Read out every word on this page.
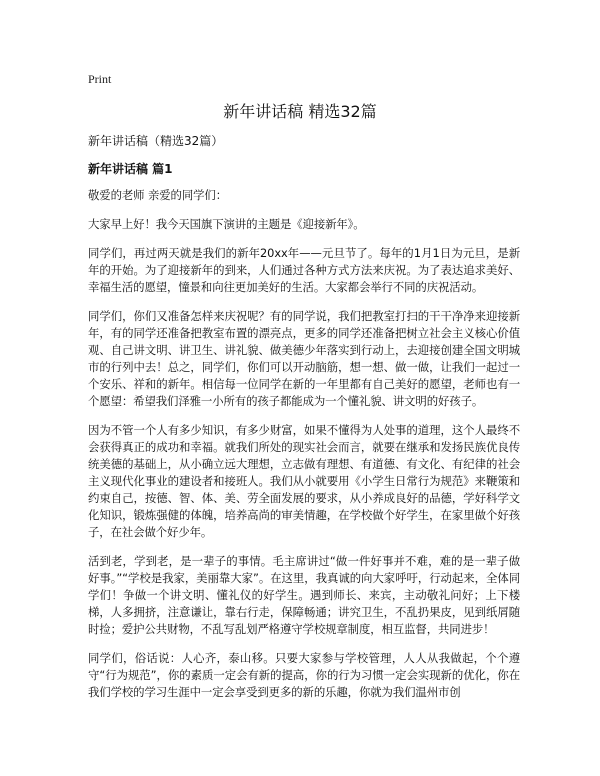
Print
新年讲话稿 精选32篇

新年讲话稿（精选32篇）

新年讲话稿 篇1

敬爱的老师 亲爱的同学们：

大家早上好！我今天国旗下演讲的主题是《迎接新年》。

同学们，再过两天就是我们的新年20xx年——元旦节了。每年的1月1日为元旦，是新年的开始。为了迎接新年的到来，人们通过各种方式方法来庆祝。为了表达追求美好、幸福生活的愿望，憧景和向往更加美好的生活。大家都会举行不同的庆祝活动。

同学们，你们又准备怎样来庆祝呢？有的同学说，我们把教室打扫的干干净净来迎接新年，有的同学还准备把教室布置的漂亮点，更多的同学还准备把树立社会主义核心价值观、自己讲文明、讲卫生、讲礼貌、做美德少年落实到行动上，去迎接创建全国文明城市的行列中去！总之，同学们，你们可以开动脑筋，想一想、做一做，让我们一起过一个安乐、祥和的新年。相信每一位同学在新的一年里都有自己美好的愿望，老师也有一个愿望：希望我们泽雅一小所有的孩子都能成为一个懂礼貌、讲文明的好孩子。

因为不管一个人有多少知识，有多少财富，如果不懂得为人处事的道理，这个人最终不会获得真正的成功和幸福。就我们所处的现实社会而言，就要在继承和发扬民族优良传统美德的基础上，从小确立远大理想，立志做有理想、有道德、有文化、有纪律的社会主义现代化事业的建设者和接班人。我们从小就要用《小学生日常行为规范》来鞭策和约束自己，按德、智、体、美、劳全面发展的要求，从小养成良好的品德，学好科学文化知识，锻炼强健的体魄，培养高尚的审美情趣，在学校做个好学生，在家里做个好孩子，在社会做个好少年。

活到老，学到老，是一辈子的事情。毛主席讲过“做一件好事并不难，难的是一辈子做好事。”“学校是我家，美丽靠大家”。在这里，我真诚的向大家呼吁，行动起来，全体同学们！争做一个讲文明、懂礼仪的好学生。遇到师长、来宾，主动敬礼问好；上下楼梯，人多拥挤，注意谦让，靠右行走，保障畅通；讲究卫生，不乱扔果皮，见到纸屑随时捡；爱护公共财物，不乱写乱划严格遵守学校规章制度，相互监督，共同进步！

同学们，俗话说：人心齐，泰山移。只要大家参与学校管理，人人从我做起，个个遵守“行为规范”，你的素质一定会有新的提高，你的行为习惯一定会实现新的优化，你在我们学校的学习生涯中一定会享受到更多的新的乐趣，你就为我们温州市创
